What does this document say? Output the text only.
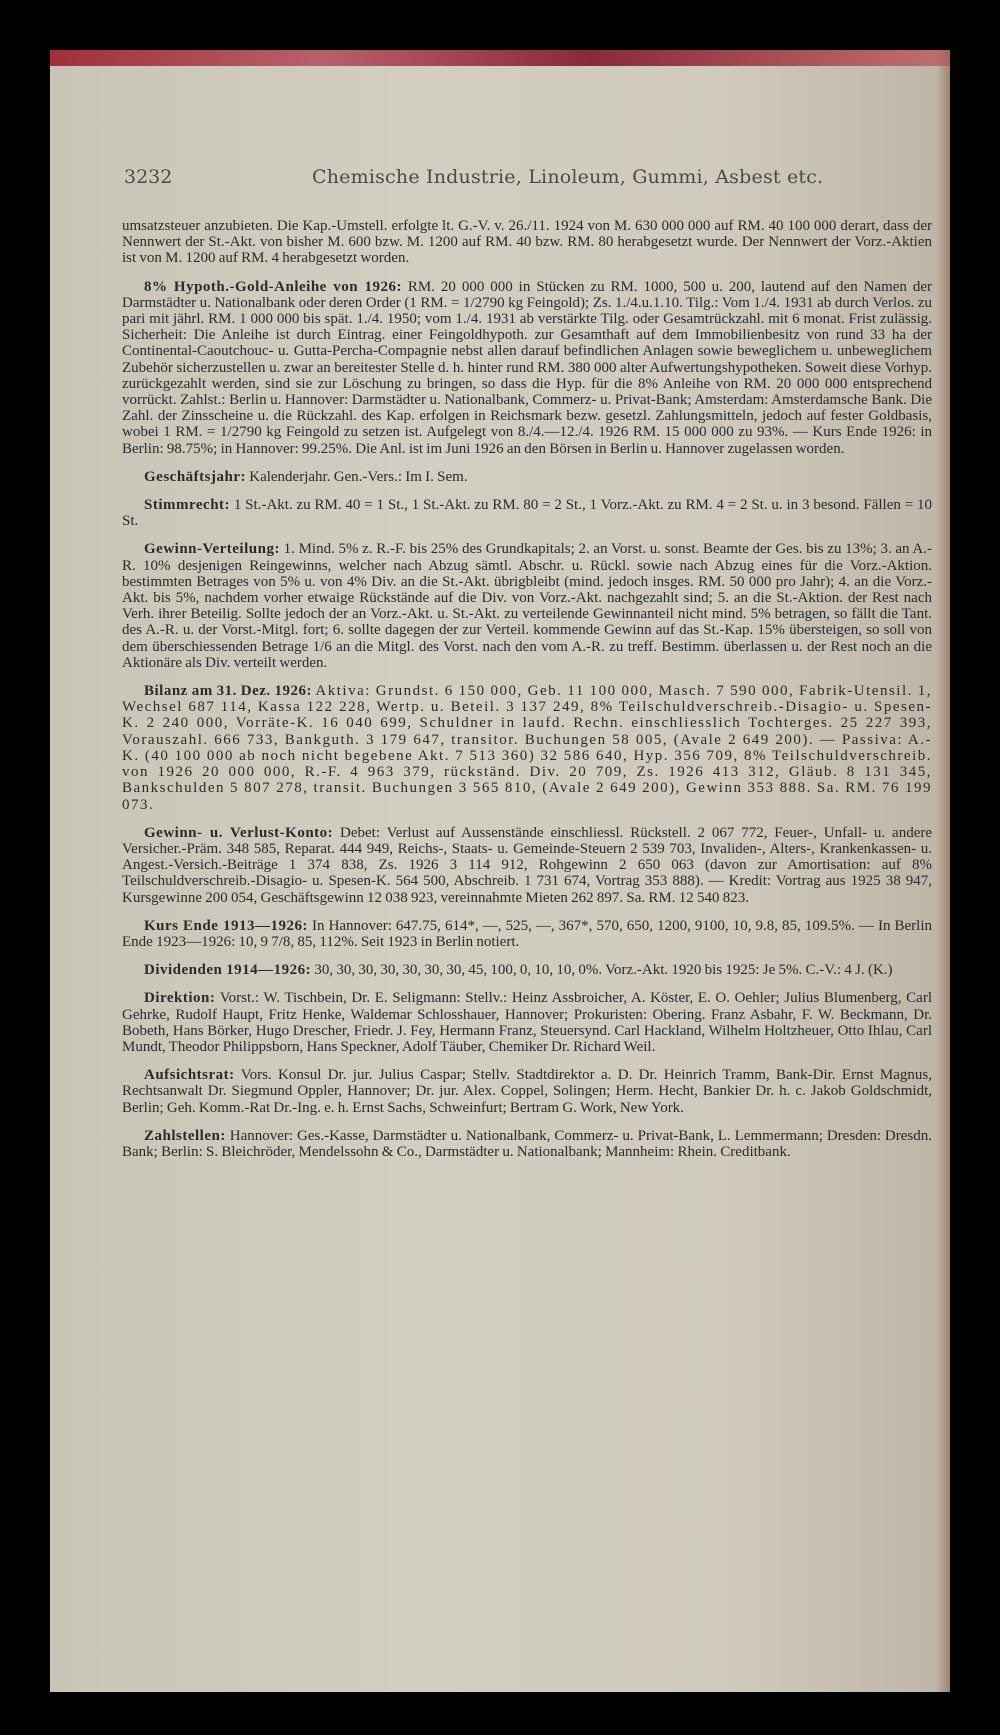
3232	Chemische Industrie, Linoleum, Gummi, Asbest etc.

umsatzsteuer anzubieten. Die Kap.-Umstell. erfolgte lt. G.-V. v. 26./11. 1924 von M. 630 000 000 auf RM. 40 100 000 derart, dass der Nennwert der St.-Akt. von bisher M. 600 bzw. M. 1200 auf RM. 40 bzw. RM. 80 herabgesetzt wurde. Der Nennwert der Vorz.-Aktien ist von M. 1200 auf RM. 4 herabgesetzt worden.

8% Hypoth.-Gold-Anleihe von 1926: RM. 20 000 000 in Stücken zu RM. 1000, 500 u. 200, lautend auf den Namen der Darmstädter u. Nationalbank oder deren Order (1 RM. = 1/2790 kg Feingold); Zs. 1./4.u.1.10. Tilg.: Vom 1./4. 1931 ab durch Verlos. zu pari mit jährl. RM. 1 000 000 bis spät. 1./4. 1950; vom 1./4. 1931 ab verstärkte Tilg. oder Gesamtrückzahl. mit 6 monat. Frist zulässig. Sicherheit: Die Anleihe ist durch Eintrag. einer Feingoldhypoth. zur Gesamthaft auf dem Immobilienbesitz von rund 33 ha der Continental-Caoutchouc- u. Gutta-Percha-Compagnie nebst allen darauf befindlichen Anlagen sowie beweglichem u. unbeweglichem Zubehör sicherzustellen u. zwar an bereitester Stelle d. h. hinter rund RM. 380 000 alter Aufwertungshypotheken. Soweit diese Vorhyp. zurückgezahlt werden, sind sie zur Löschung zu bringen, so dass die Hyp. für die 8% Anleihe von RM. 20 000 000 entsprechend vorrückt. Zahlst.: Berlin u. Hannover: Darmstädter u. Nationalbank, Commerz- u. Privat-Bank; Amsterdam: Amsterdamsche Bank. Die Zahl. der Zinsscheine u. die Rückzahl. des Kap. erfolgen in Reichsmark bezw. gesetzl. Zahlungsmitteln, jedoch auf fester Goldbasis, wobei 1 RM. = 1/2790 kg Feingold zu setzen ist. Aufgelegt von 8./4.—12./4. 1926 RM. 15 000 000 zu 93%. — Kurs Ende 1926: in Berlin: 98.75%; in Hannover: 99.25%. Die Anl. ist im Juni 1926 an den Börsen in Berlin u. Hannover zugelassen worden.

Geschäftsjahr: Kalenderjahr. Gen.-Vers.: Im I. Sem.

Stimmrecht: 1 St.-Akt. zu RM. 40 = 1 St., 1 St.-Akt. zu RM. 80 = 2 St., 1 Vorz.-Akt. zu RM. 4 = 2 St. u. in 3 besond. Fällen = 10 St.

Gewinn-Verteilung: 1. Mind. 5% z. R.-F. bis 25% des Grundkapitals; 2. an Vorst. u. sonst. Beamte der Ges. bis zu 13%; 3. an A.-R. 10% desjenigen Reingewinns, welcher nach Abzug sämtl. Abschr. u. Rückl. sowie nach Abzug eines für die Vorz.-Aktion. bestimmten Betrages von 5% u. von 4% Div. an die St.-Akt. übrigbleibt (mind. jedoch insges. RM. 50 000 pro Jahr); 4. an die Vorz.-Akt. bis 5%, nachdem vorher etwaige Rückstände auf die Div. von Vorz.-Akt. nachgezahlt sind; 5. an die St.-Aktion. der Rest nach Verh. ihrer Beteilig. Sollte jedoch der an Vorz.-Akt. u. St.-Akt. zu verteilende Gewinnanteil nicht mind. 5% betragen, so fällt die Tant. des A.-R. u. der Vorst.-Mitgl. fort; 6. sollte dagegen der zur Verteil. kommende Gewinn auf das St.-Kap. 15% übersteigen, so soll von dem überschiessenden Betrage 1/6 an die Mitgl. des Vorst. nach den vom A.-R. zu treff. Bestimm. überlassen u. der Rest noch an die Aktionäre als Div. verteilt werden.

Bilanz am 31. Dez. 1926: Aktiva: Grundst. 6 150 000, Geb. 11 100 000, Masch. 7 590 000, Fabrik-Utensil. 1, Wechsel 687 114, Kassa 122 228, Wertp. u. Beteil. 3 137 249, 8% Teilschuldverschreib.-Disagio- u. Spesen-K. 2 240 000, Vorräte-K. 16 040 699, Schuldner in laufd. Rechn. einschliesslich Tochterges. 25 227 393, Vorauszahl. 666 733, Bankguth. 3 179 647, transitor. Buchungen 58 005, (Avale 2 649 200). — Passiva: A.-K. (40 100 000 ab noch nicht begebene Akt. 7 513 360) 32 586 640, Hyp. 356 709, 8% Teilschuldverschreib. von 1926 20 000 000, R.-F. 4 963 379, rückständ. Div. 20 709, Zs. 1926 413 312, Gläub. 8 131 345, Bankschulden 5 807 278, transit. Buchungen 3 565 810, (Avale 2 649 200), Gewinn 353 888. Sa. RM. 76 199 073.

Gewinn- u. Verlust-Konto: Debet: Verlust auf Aussenstände einschliessl. Rückstell. 2 067 772, Feuer-, Unfall- u. andere Versicher.-Präm. 348 585, Reparat. 444 949, Reichs-, Staats- u. Gemeinde-Steuern 2 539 703, Invaliden-, Alters-, Krankenkassen- u. Angest.-Versich.-Beiträge 1 374 838, Zs. 1926 3 114 912, Rohgewinn 2 650 063 (davon zur Amortisation: auf 8% Teilschuldverschreib.-Disagio- u. Spesen-K. 564 500, Abschreib. 1 731 674, Vortrag 353 888). — Kredit: Vortrag aus 1925 38 947, Kursgewinne 200 054, Geschäftsgewinn 12 038 923, vereinnahmte Mieten 262 897. Sa. RM. 12 540 823.

Kurs Ende 1913—1926: In Hannover: 647.75, 614*, —, 525, —, 367*, 570, 650, 1200, 9100, 10, 9.8, 85, 109.5%. — In Berlin Ende 1923—1926: 10, 9 7/8, 85, 112%. Seit 1923 in Berlin notiert.

Dividenden 1914—1926: 30, 30, 30, 30, 30, 30, 30, 45, 100, 0, 10, 10, 0%. Vorz.-Akt. 1920 bis 1925: Je 5%. C.-V.: 4 J. (K.)

Direktion: Vorst.: W. Tischbein, Dr. E. Seligmann: Stellv.: Heinz Assbroicher, A. Köster, E. O. Oehler; Julius Blumenberg, Carl Gehrke, Rudolf Haupt, Fritz Henke, Waldemar Schlosshauer, Hannover; Prokuristen: Obering. Franz Asbahr, F. W. Beckmann, Dr. Bobeth, Hans Börker, Hugo Drescher, Friedr. J. Fey, Hermann Franz, Steuersynd. Carl Hackland, Wilhelm Holtzheuer, Otto Ihlau, Carl Mundt, Theodor Philippsborn, Hans Speckner, Adolf Täuber, Chemiker Dr. Richard Weil.

Aufsichtsrat: Vors. Konsul Dr. jur. Julius Caspar; Stellv. Stadtdirektor a. D. Dr. Heinrich Tramm, Bank-Dir. Ernst Magnus, Rechtsanwalt Dr. Siegmund Oppler, Hannover; Dr. jur. Alex. Coppel, Solingen; Herm. Hecht, Bankier Dr. h. c. Jakob Goldschmidt, Berlin; Geh. Komm.-Rat Dr.-Ing. e. h. Ernst Sachs, Schweinfurt; Bertram G. Work, New York.

Zahlstellen: Hannover: Ges.-Kasse, Darmstädter u. Nationalbank, Commerz- u. Privat-Bank, L. Lemmermann; Dresden: Dresdn. Bank; Berlin: S. Bleichröder, Mendelssohn & Co., Darmstädter u. Nationalbank; Mannheim: Rhein. Creditbank.
